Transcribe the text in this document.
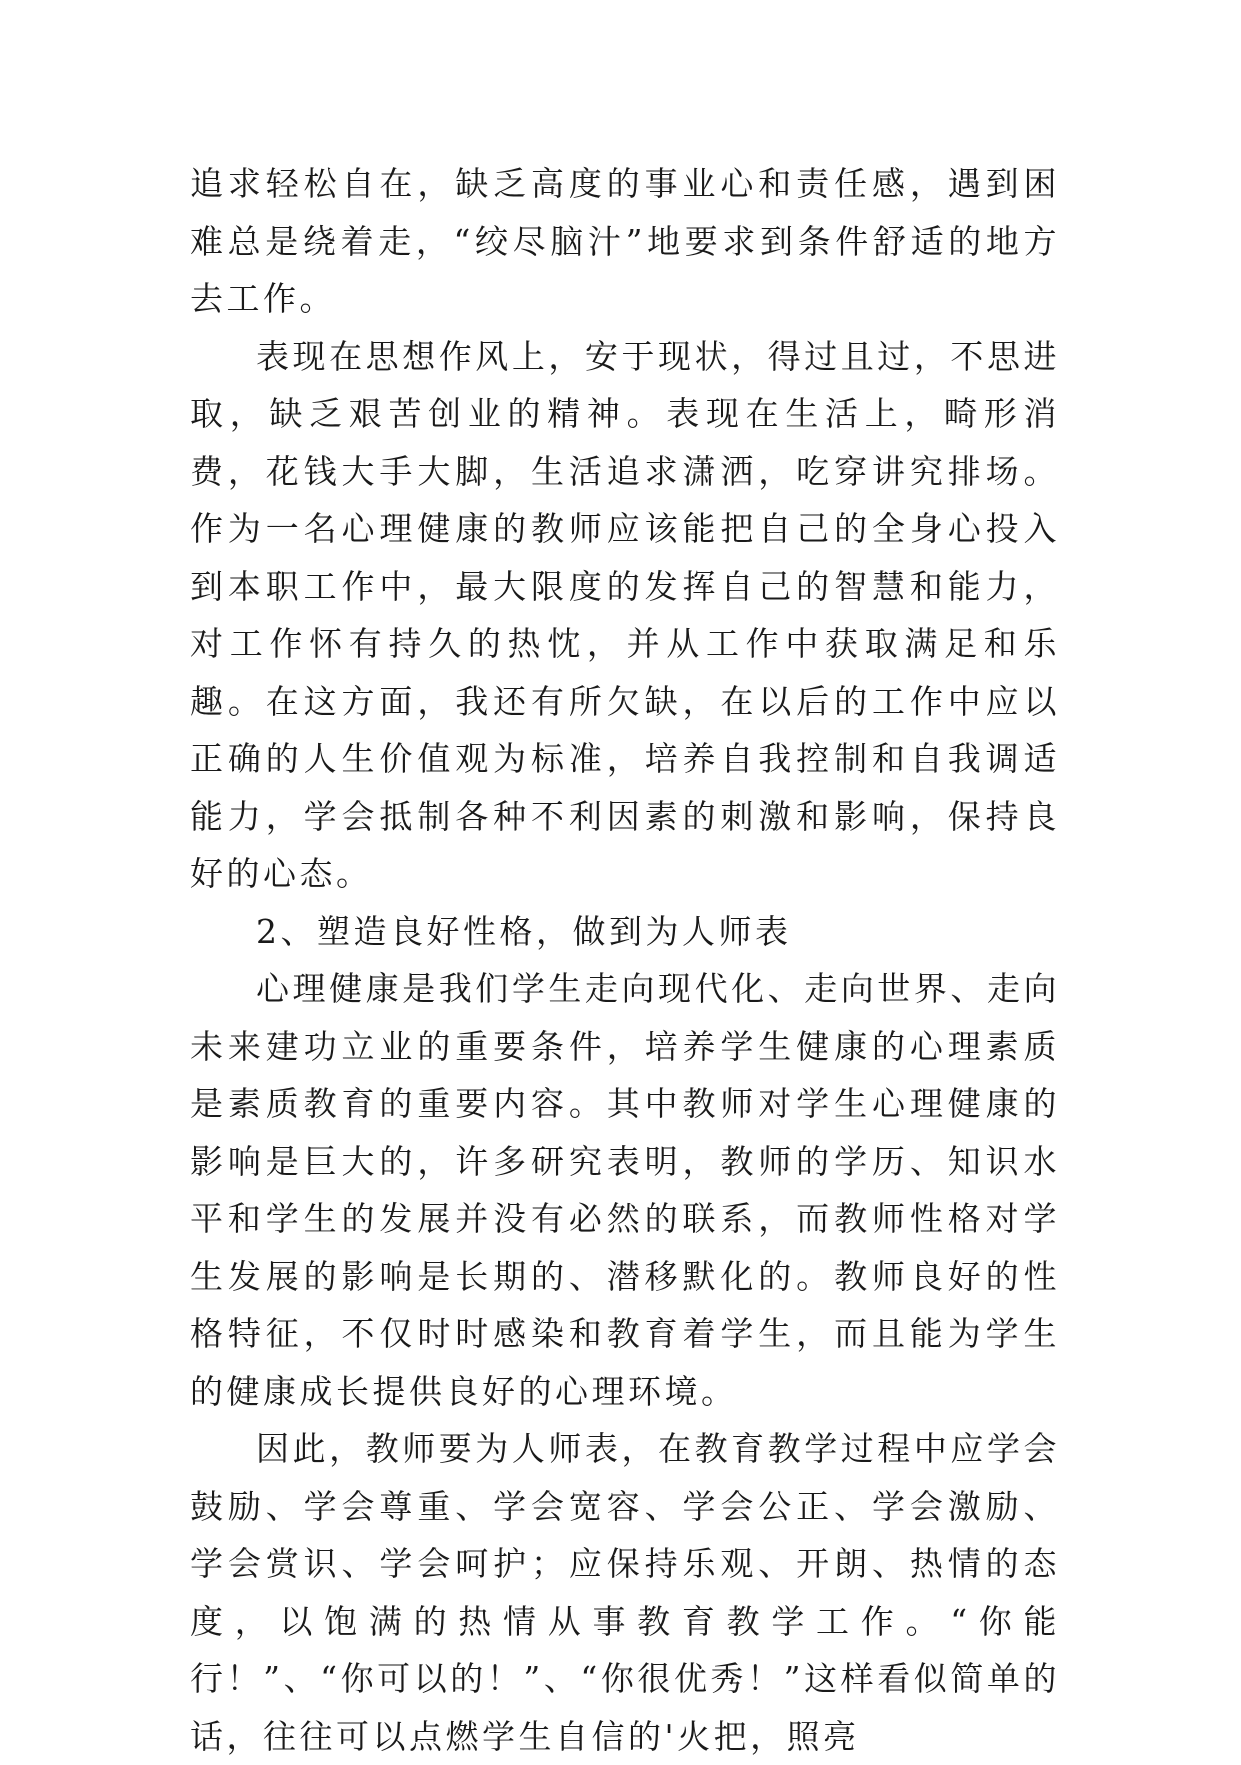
追求轻松自在，缺乏高度的事业心和责任感，遇到困难总是绕着走，“绞尽脑汁”地要求到条件舒适的地方去工作。

表现在思想作风上，安于现状，得过且过，不思进取，缺乏艰苦创业的精神。表现在生活上，畸形消费，花钱大手大脚，生活追求潇洒，吃穿讲究排场。作为一名心理健康的教师应该能把自己的全身心投入到本职工作中，最大限度的发挥自己的智慧和能力，对工作怀有持久的热忱，并从工作中获取满足和乐趣。在这方面，我还有所欠缺，在以后的工作中应以正确的人生价值观为标准，培养自我控制和自我调适能力，学会抵制各种不利因素的刺激和影响，保持良好的心态。

2、塑造良好性格，做到为人师表

心理健康是我们学生走向现代化、走向世界、走向未来建功立业的重要条件，培养学生健康的心理素质是素质教育的重要内容。其中教师对学生心理健康的影响是巨大的，许多研究表明，教师的学历、知识水平和学生的发展并没有必然的联系，而教师性格对学生发展的影响是长期的、潜移默化的。教师良好的性格特征，不仅时时感染和教育着学生，而且能为学生的健康成长提供良好的心理环境。

因此，教师要为人师表，在教育教学过程中应学会鼓励、学会尊重、学会宽容、学会公正、学会激励、学会赏识、学会呵护；应保持乐观、开朗、热情的态度，以饱满的热情从事教育教学工作。“你能行！”、“你可以的！”、“你很优秀！”这样看似简单的话，往往可以点燃学生自信的'火把，照亮
